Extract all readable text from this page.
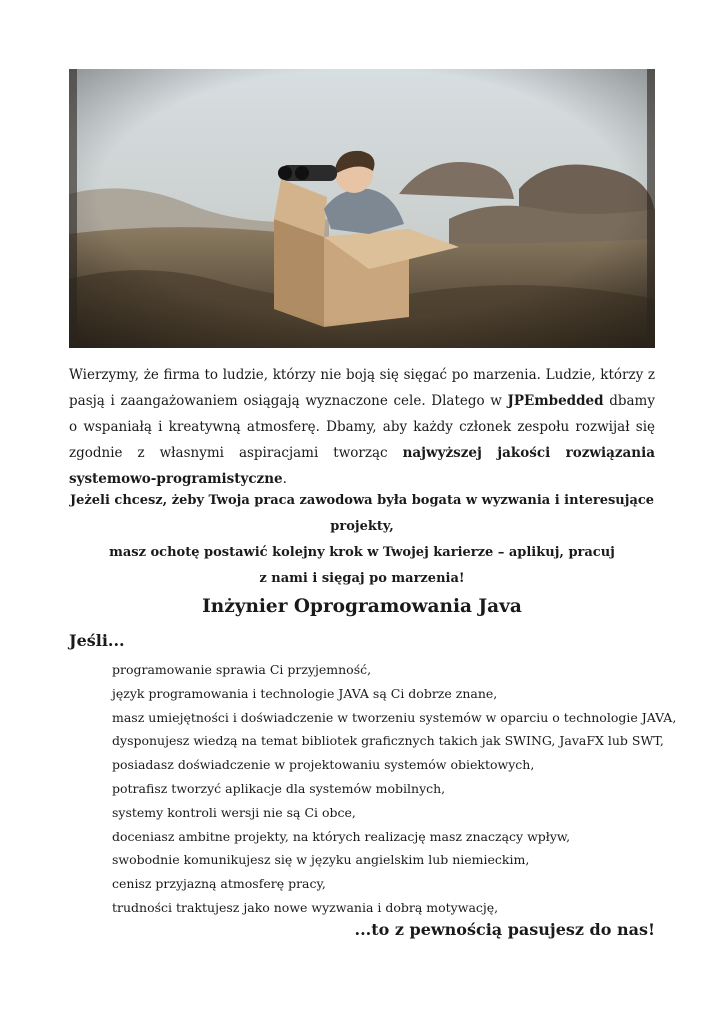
Wierzymy, że firma to ludzie, którzy nie boją się sięgać po marzenia. Ludzie, którzy z pasją i zaangażowaniem osiągają wyznaczone cele. Dlatego w JPEmbedded dbamy o wspaniałą i kreatywną atmosferę. Dbamy, aby każdy członek zespołu rozwijał się zgodnie z własnymi aspiracjami tworząc najwyższej jakości rozwiązania systemowo-programistyczne.

Jeżeli chcesz, żeby Twoja praca zawodowa była bogata w wyzwania i interesujące projekty,
masz ochotę postawić kolejny krok w Twojej karierze – aplikuj, pracuj
z nami i sięgaj po marzenia!
Inżynier Oprogramowania Java

Jeśli...

programowanie sprawia Ci przyjemność,
język programowania i technologie JAVA są Ci dobrze znane,
masz umiejętności i doświadczenie w tworzeniu systemów w oparciu o technologie JAVA,
dysponujesz wiedzą na temat bibliotek graficznych takich jak SWING, JavaFX lub SWT,
posiadasz doświadczenie w projektowaniu systemów obiektowych,
potrafisz tworzyć aplikacje dla systemów mobilnych,
systemy kontroli wersji nie są Ci obce,
doceniasz ambitne projekty, na których realizację masz znaczący wpływ,
swobodnie komunikujesz się w języku angielskim lub niemieckim,
cenisz przyjazną atmosferę pracy,
trudności traktujesz jako nowe wyzwania i dobrą motywację,

...to z pewnością pasujesz do nas!
